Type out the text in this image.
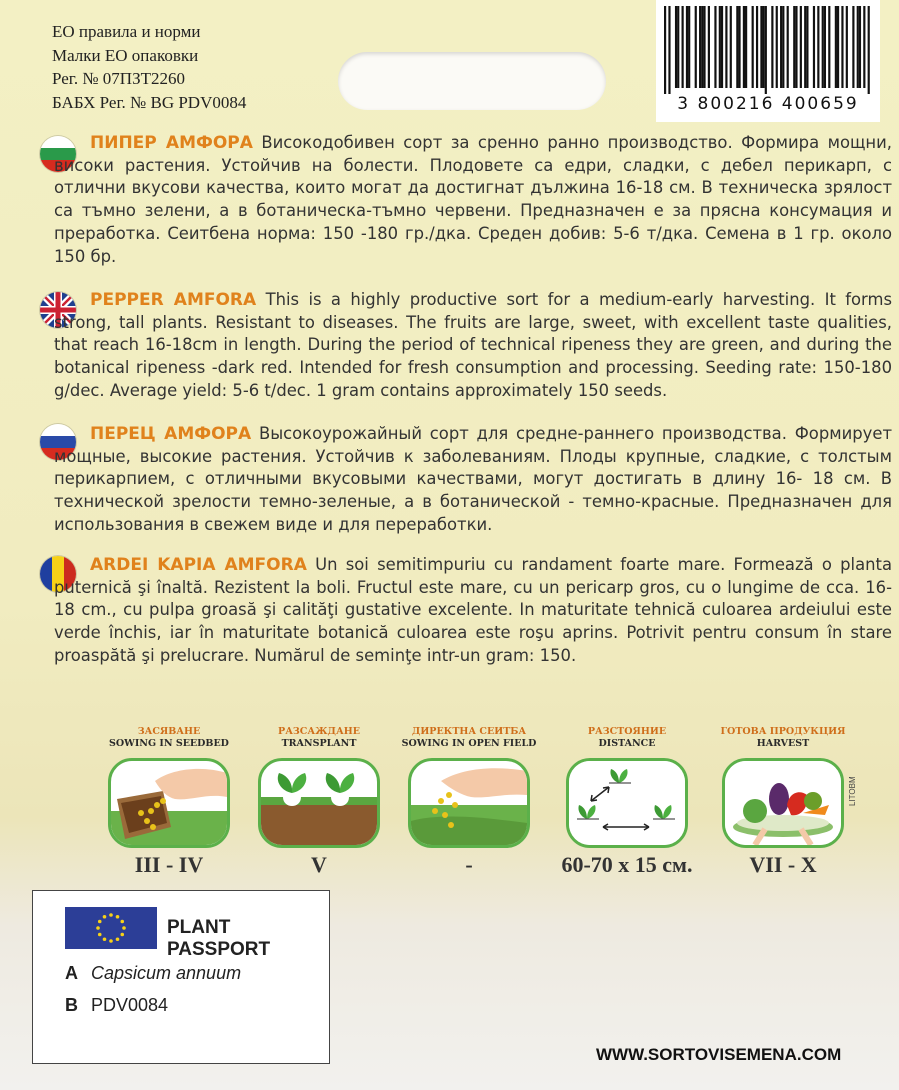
ЕО правила и норми
Малки ЕО опаковки
Рег. № 07ПЗТ2260
БАБХ Рег. № BG PDV0084	3 800216 400659

ПИПЕР АМФОРА Високодобивен сорт за сренно ранно производство. Формира мощни, високи растения. Устойчив на болести. Плодовете са едри, сладки, с дебел перикарп, с отлични вкусови качества, които могат да достигнат дължина 16-18 см. В техническа зрялост са тъмно зелени, а в ботаническа-тъмно червени. Предназначен е за прясна консумация и преработка. Сеитбена норма: 150 -180 гр./дка. Среден добив: 5-6 т/дка. Семена в 1 гр. около 150 бр.

PEPPER AMFORA This is a highly productive sort for a medium-early harvesting. It forms strong, tall plants. Resistant to diseases. The fruits are large, sweet, with excellent taste qualities, that reach 16-18cm in length. During the period of technical ripeness they are green, and during the botanical ripeness -dark red. Intended for fresh consumption and processing. Seeding rate: 150-180 g/dec. Average yield: 5-6 t/dec. 1 gram contains approximately 150 seeds.

ПЕРЕЦ АМФОРА Высокоурожайный сорт для средне-раннего производства. Формирует мощные, высокие растения. Устойчив к заболеваниям. Плоды крупные, сладкие, с толстым перикарпием, с отличными вкусовыми качествами, могут достигать в длину 16- 18 см. В технической зрелости темно-зеленые, а в ботанической - темно-красные. Предназначен для использования в свежем виде и для переработки.

ARDEI KAPIA AMFORA Un soi semitimpuriu cu randament foarte mare. Formează o planta puternică şi înaltă. Rezistent la boli. Fructul este mare, cu un pericarp gros, cu o lungime de cca. 16-18 cm., cu pulpa groasă şi calităţi gustative excelente. In maturitate tehnică culoarea ardeiului este verde închis, iar în maturitate botanică culoarea este roşu aprins. Potrivit pentru consum în stare proaspătă şi prelucrare. Numărul de seminţe intr-un gram: 150.

ЗАСЯВАНЕ
SOWING IN SEEDBED
III - IV
РАЗСАЖДАНЕ
TRANSPLANT
V
ДИРЕКТНА СЕИТБА
SOWING IN OPEN FIELD
-
РАЗСТОЯНИЕ
DISTANCE
60-70 x 15 см.
ГОТОВА ПРОДУКЦИЯ
HARVEST
VII - X
LITOBM
PLANT PASSPORT
A Capsicum annuum
B PDV0084
WWW.SORTOVISEMENA.COM
